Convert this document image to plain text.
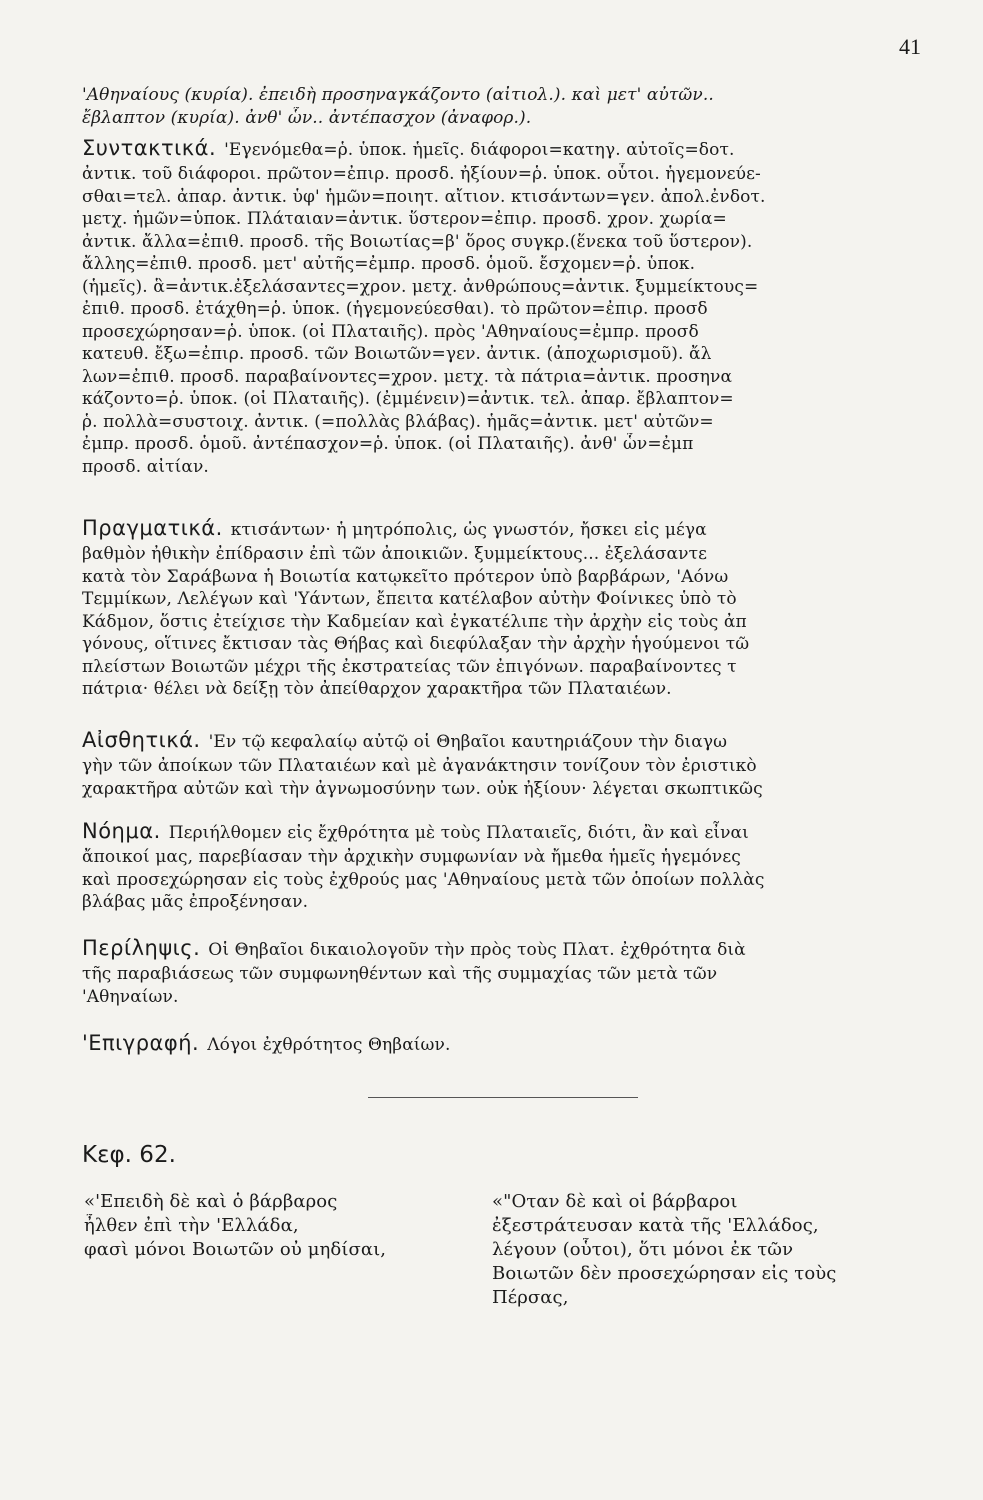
41
'Αθηναίους (κυρία). ἐπειδὴ προσηναγκάζοντο (αἰτιολ.). καὶ μετ' αὐτῶν..
ἔβλαπτον (κυρία). ἀνθ' ὧν.. ἀντέπασχον (ἀναφορ.).
Συντακτικά. 'Εγενόμεθα=ῥ. ὑποκ. ἡμεῖς. διάφοροι=κατηγ. αὐτοῖς=δοτ.
ἀντικ. τοῦ διάφοροι. πρῶτον=ἐπιρ. προσδ. ἠξίουν=ῥ. ὑποκ. οὗτοι. ἡγεμονεύε-
σθαι=τελ. ἀπαρ. ἀντικ. ὑφ' ἡμῶν=ποιητ. αἴτιον. κτισάντων=γεν. ἀπολ.ἐνδοτ.
μετχ. ἡμῶν=ὑποκ. Πλάταιαν=ἀντικ. ὕστερον=ἐπιρ. προσδ. χρον. χωρία=
ἀντικ. ἄλλα=ἐπιθ. προσδ. τῆς Βοιωτίας=β' ὅρος συγκρ.(ἕνεκα τοῦ ὕστερον).
ἄλλης=ἐπιθ. προσδ. μετ' αὐτῆς=ἐμπρ. προσδ. ὁμοῦ. ἔσχομεν=ῥ. ὑποκ.
(ἡμεῖς). ἃ=ἀντικ.ἐξελάσαντες=χρον. μετχ. ἀνθρώπους=ἀντικ. ξυμμείκτους=
ἐπιθ. προσδ. ἐτάχθη=ῥ. ὑποκ. (ἡγεμονεύεσθαι). τὸ πρῶτον=ἐπιρ. προσδ
προσεχώρησαν=ῥ. ὑποκ. (οἱ Πλαταιῆς). πρὸς 'Αθηναίους=ἐμπρ. προσδ
κατευθ. ἔξω=ἐπιρ. προσδ. τῶν Βοιωτῶν=γεν. ἀντικ. (ἀποχωρισμοῦ). ἄλ
λων=ἐπιθ. προσδ. παραβαίνοντες=χρον. μετχ. τὰ πάτρια=ἀντικ. προσηνα
κάζοντο=ῥ. ὑποκ. (οἱ Πλαταιῆς). (ἐμμένειν)=ἀντικ. τελ. ἀπαρ. ἔβλαπτον=
ῥ. πολλὰ=συστοιχ. ἀντικ. (=πολλὰς βλάβας). ἡμᾶς=ἀντικ. μετ' αὐτῶν=
ἐμπρ. προσδ. ὁμοῦ. ἀντέπασχον=ῥ. ὑποκ. (οἱ Πλαταιῆς). ἀνθ' ὧν=ἐμπ
προσδ. αἰτίαν.
Πραγματικά. κτισάντων· ἡ μητρόπολις, ὡς γνωστόν, ἤσκει εἰς μέγα
βαθμὸν ἠθικὴν ἐπίδρασιν ἐπὶ τῶν ἀποικιῶν. ξυμμείκτους... ἐξελάσαντε
κατὰ τὸν Σαράβωνα ἡ Βοιωτία κατῳκεῖτο πρότερον ὑπὸ βαρβάρων, 'Αόνω
Τεμμίκων, Λελέγων καὶ 'Υάντων, ἔπειτα κατέλαβον αὐτὴν Φοίνικες ὑπὸ τὸ
Κάδμον, ὅστις ἐτείχισε τὴν Καδμείαν καὶ ἐγκατέλιπε τὴν ἀρχὴν εἰς τοὺς ἀπ
γόνους, οἵτινες ἔκτισαν τὰς Θήβας καὶ διεφύλαξαν τὴν ἀρχὴν ἡγούμενοι τῶ
πλείστων Βοιωτῶν μέχρι τῆς ἐκστρατείας τῶν ἐπιγόνων. παραβαίνοντες τ
πάτρια· θέλει νὰ δείξῃ τὸν ἀπείθαρχον χαρακτῆρα τῶν Πλαταιέων.
Αἰσθητικά. 'Εν τῷ κεφαλαίῳ αὐτῷ οἱ Θηβαῖοι καυτηριάζουν τὴν διαγω
γὴν τῶν ἀποίκων τῶν Πλαταιέων καὶ μὲ ἀγανάκτησιν τονίζουν τὸν ἐριστικὸ
χαρακτῆρα αὐτῶν καὶ τὴν ἀγνωμοσύνην των. οὐκ ἠξίουν· λέγεται σκωπτικῶς
Νόημα. Περιήλθομεν εἰς ἔχθρότητα μὲ τοὺς Πλαταιεῖς, διότι, ἂν καὶ εἶναι
ἄποικοί μας, παρεβίασαν τὴν ἀρχικὴν συμφωνίαν νὰ ἤμεθα ἡμεῖς ἡγεμόνες
καὶ προσεχώρησαν εἰς τοὺς ἐχθρούς μας 'Αθηναίους μετὰ τῶν ὁποίων πολλὰς
βλάβας μᾶς ἐπροξένησαν.
Περίληψις. Οἱ Θηβαῖοι δικαιολογοῦν τὴν πρὸς τοὺς Πλατ. ἐχθρότητα διὰ
τῆς παραβιάσεως τῶν συμφωνηθέντων καὶ τῆς συμμαχίας τῶν μετὰ τῶν
'Αθηναίων.
'Επιγραφή. Λόγοι ἐχθρότητος Θηβαίων.
Κεφ. 62.
«'Επειδὴ δὲ καὶ ὁ βάρβαρος
ἦλθεν ἐπὶ τὴν 'Ελλάδα,
φασὶ μόνοι Βοιωτῶν οὐ μηδίσαι,
«"Οταν δὲ καὶ οἱ βάρβαροι
ἐξεστράτευσαν κατὰ τῆς 'Ελλάδος,
λέγουν (οὗτοι), ὅτι μόνοι ἐκ τῶν
Βοιωτῶν δὲν προσεχώρησαν εἰς τοὺς
Πέρσας,
